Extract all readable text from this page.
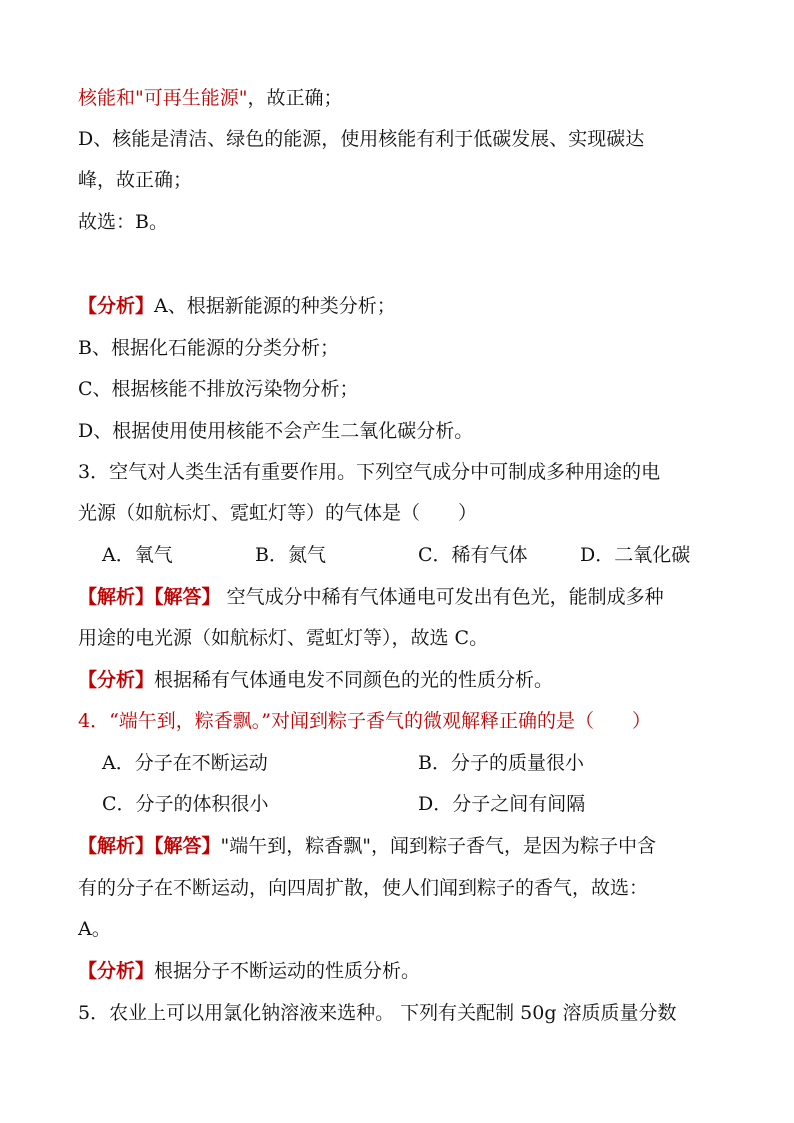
核能和"可再生能源"，故正确；
D、核能是清洁、绿色的能源，使用核能有利于低碳发展、实现碳达
峰，故正确；
故选：B。
【分析】A、根据新能源的种类分析；
B、根据化石能源的分类分析；
C、根据核能不排放污染物分析；
D、根据使用使用核能不会产生二氧化碳分析。
3．空气对人类生活有重要作用。下列空气成分中可制成多种用途的电
光源（如航标灯、霓虹灯等）的气体是（　　）
A．氧气	B．氮气	C．稀有气体	D．二氧化碳
【解析】【解答】 空气成分中稀有气体通电可发出有色光，能制成多种
用途的电光源（如航标灯、霓虹灯等），故选 C。
【分析】根据稀有气体通电发不同颜色的光的性质分析。
4．“端午到，粽香飘。”对闻到粽子香气的微观解释正确的是（　　）
A．分子在不断运动	B．分子的质量很小
C．分子的体积很小	D．分子之间有间隔
【解析】【解答】"端午到，粽香飘"，闻到粽子香气，是因为粽子中含
有的分子在不断运动，向四周扩散，使人们闻到粽子的香气，故选：
A。
【分析】根据分子不断运动的性质分析。
5．农业上可以用氯化钠溶液来选种。 下列有关配制 50g 溶质质量分数
